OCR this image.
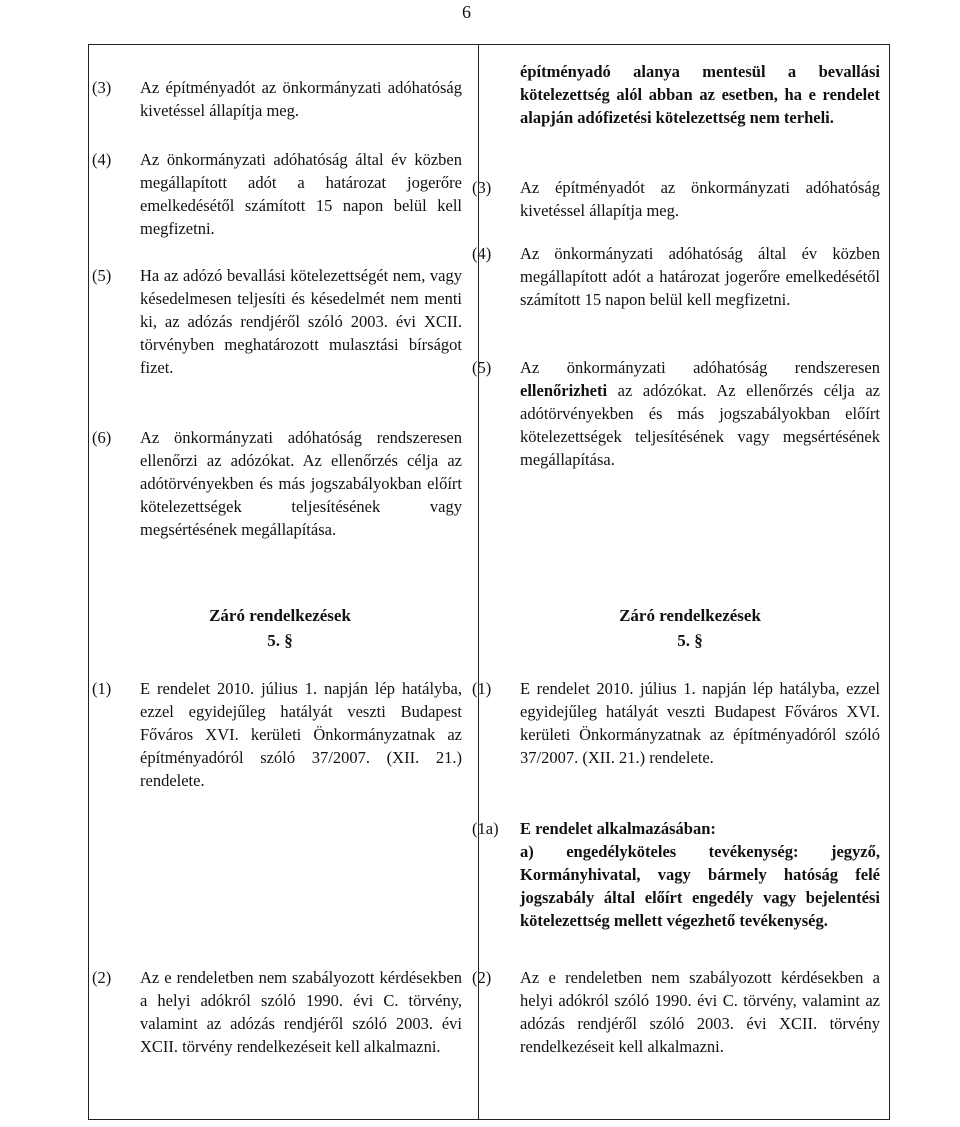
6
(3) Az építményadót az önkormányzati adóhatóság kivetéssel állapítja meg.
(4) Az önkormányzati adóhatóság által év közben megállapított adót a határozat jogerőre emelkedésétől számított 15 napon belül kell megfizetni.
(5) Ha az adózó bevallási kötelezettségét nem, vagy késedelmesen teljesíti és késedelmét nem menti ki, az adózás rendjéről szóló 2003. évi XCII. törvényben meghatározott mulasztási bírságot fizet.
(6) Az önkormányzati adóhatóság rendszeresen ellenőrzi az adózókat. Az ellenőrzés célja az adótörvényekben és más jogszabályokban előírt kötelezettségek teljesítésének vagy megsértésének megállapítása.
Záró rendelkezések
5. §
(1) E rendelet 2010. július 1. napján lép hatályba, ezzel egyidejűleg hatályát veszti Budapest Főváros XVI. kerületi Önkormányzatnak az építményadóról szóló 37/2007. (XII. 21.) rendelete.
(2) Az e rendeletben nem szabályozott kérdésekben a helyi adókról szóló 1990. évi C. törvény, valamint az adózás rendjéről szóló 2003. évi XCII. törvény rendelkezéseit kell alkalmazni.
építményadó alanya mentesül a bevallási kötelezettség alól abban az esetben, ha e rendelet alapján adófizetési kötelezettség nem terheli.
(3) Az építményadót az önkormányzati adóhatóság kivetéssel állapítja meg.
(4) Az önkormányzati adóhatóság által év közben megállapított adót a határozat jogerőre emelkedésétől számított 15 napon belül kell megfizetni.
(5) Az önkormányzati adóhatóság rendszeresen ellenőrizheti az adózókat. Az ellenőrzés célja az adótörvényekben és más jogszabályokban előírt kötelezettségek teljesítésének vagy megsértésének megállapítása.
Záró rendelkezések
5. §
(1) E rendelet 2010. július 1. napján lép hatályba, ezzel egyidejűleg hatályát veszti Budapest Főváros XVI. kerületi Önkormányzatnak az építményadóról szóló 37/2007. (XII. 21.) rendelete.
(1a) E rendelet alkalmazásában:
a) engedélyköteles tevékenység: jegyző, Kormányhivatal, vagy bármely hatóság felé jogszabály által előírt engedély vagy bejelentési kötelezettség mellett végezhető tevékenység.
(2) Az e rendeletben nem szabályozott kérdésekben a helyi adókról szóló 1990. évi C. törvény, valamint az adózás rendjéről szóló 2003. évi XCII. törvény rendelkezéseit kell alkalmazni.
